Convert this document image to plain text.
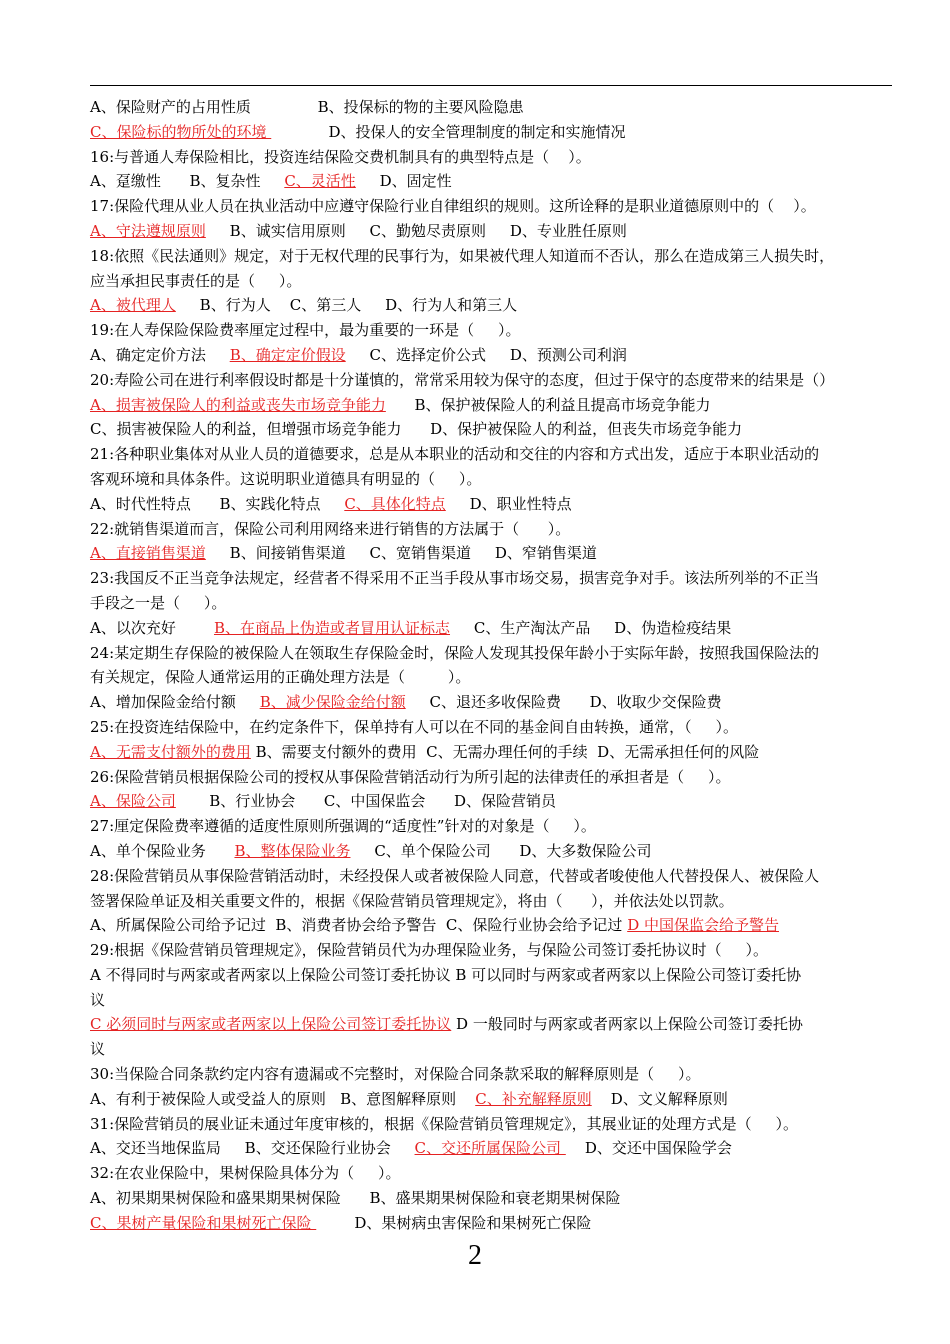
A、保险财产的占用性质              B、投保标的物的主要风险隐患
C、保险标的物所处的环境             D、投保人的安全管理制度的制定和实施情况
16:与普通人寿保险相比，投资连结保险交费机制具有的典型特点是（    ）。
A、趸缴性      B、复杂性     C、灵活性     D、固定性
17:保险代理从业人员在执业活动中应遵守保险行业自律组织的规则。这所诠释的是职业道德原则中的（    ）。
A、守法遵规原则     B、诚实信用原则     C、勤勉尽责原则     D、专业胜任原则
18:依照《民法通则》规定，对于无权代理的民事行为，如果被代理人知道而不否认，那么在造成第三人损失时，
应当承担民事责任的是（     ）。
A、被代理人     B、行为人    C、第三人     D、行为人和第三人
19:在人寿保险保险费率厘定过程中，最为重要的一环是（     ）。
A、确定定价方法     B、确定定价假设     C、选择定价公式     D、预测公司利润
20:寿险公司在进行利率假设时都是十分谨慎的，常常采用较为保守的态度，但过于保守的态度带来的结果是（）
A、损害被保险人的利益或丧失市场竞争能力      B、保护被保险人的利益且提高市场竞争能力
C、损害被保险人的利益，但增强市场竞争能力      D、保护被保险人的利益，但丧失市场竞争能力
21:各种职业集体对从业人员的道德要求，总是从本职业的活动和交往的内容和方式出发，适应于本职业活动的
客观环境和具体条件。这说明职业道德具有明显的（     ）。
A、时代性特点      B、实践化特点     C、具体化特点     D、职业性特点
22:就销售渠道而言，保险公司利用网络来进行销售的方法属于（      ）。
A、直接销售渠道     B、间接销售渠道     C、宽销售渠道     D、窄销售渠道
23:我国反不正当竞争法规定，经营者不得采用不正当手段从事市场交易，损害竞争对手。该法所列举的不正当
手段之一是（     ）。
A、以次充好        B、在商品上伪造或者冒用认证标志     C、生产淘汰产品     D、伪造检疫结果
24:某定期生存保险的被保险人在领取生存保险金时，保险人发现其投保年龄小于实际年龄，按照我国保险法的
有关规定，保险人通常运用的正确处理方法是（         ）。
A、增加保险金给付额     B、减少保险金给付额     C、退还多收保险费      D、收取少交保险费
25:在投资连结保险中，在约定条件下，保单持有人可以在不同的基金间自由转换，通常，（     ）。
A、无需支付额外的费用 B、需要支付额外的费用  C、无需办理任何的手续  D、无需承担任何的风险
26:保险营销员根据保险公司的授权从事保险营销活动行为所引起的法律责任的承担者是（     ）。
A、保险公司       B、行业协会      C、中国保监会      D、保险营销员
27:厘定保险费率遵循的适度性原则所强调的“适度性”针对的对象是（     ）。
A、单个保险业务      B、整体保险业务     C、单个保险公司      D、大多数保险公司
28:保险营销员从事保险营销活动时，未经投保人或者被保险人同意，代替或者唆使他人代替投保人、被保险人
签署保险单证及相关重要文件的，根据《保险营销员管理规定》，将由（      ），并依法处以罚款。
A、所属保险公司给予记过  B、消费者协会给予警告  C、保险行业协会给予记过 D 中国保监会给予警告
29:根据《保险营销员管理规定》，保险营销员代为办理保险业务，与保险公司签订委托协议时（     ）。
A 不得同时与两家或者两家以上保险公司签订委托协议 B 可以同时与两家或者两家以上保险公司签订委托协
议
C 必须同时与两家或者两家以上保险公司签订委托协议 D 一般同时与两家或者两家以上保险公司签订委托协
议
30:当保险合同条款约定内容有遗漏或不完整时，对保险合同条款采取的解释原则是（     ）。
A、有利于被保险人或受益人的原则   B、意图解释原则    C、补充解释原则    D、文义解释原则
31:保险营销员的展业证未通过年度审核的，根据《保险营销员管理规定》，其展业证的处理方式是（     ）。
A、交还当地保监局     B、交还保险行业协会     C、交还所属保险公司     D、交还中国保险学会
32:在农业保险中，果树保险具体分为（     ）。
A、初果期果树保险和盛果期果树保险      B、盛果期果树保险和衰老期果树保险
C、果树产量保险和果树死亡保险         D、果树病虫害保险和果树死亡保险
2
